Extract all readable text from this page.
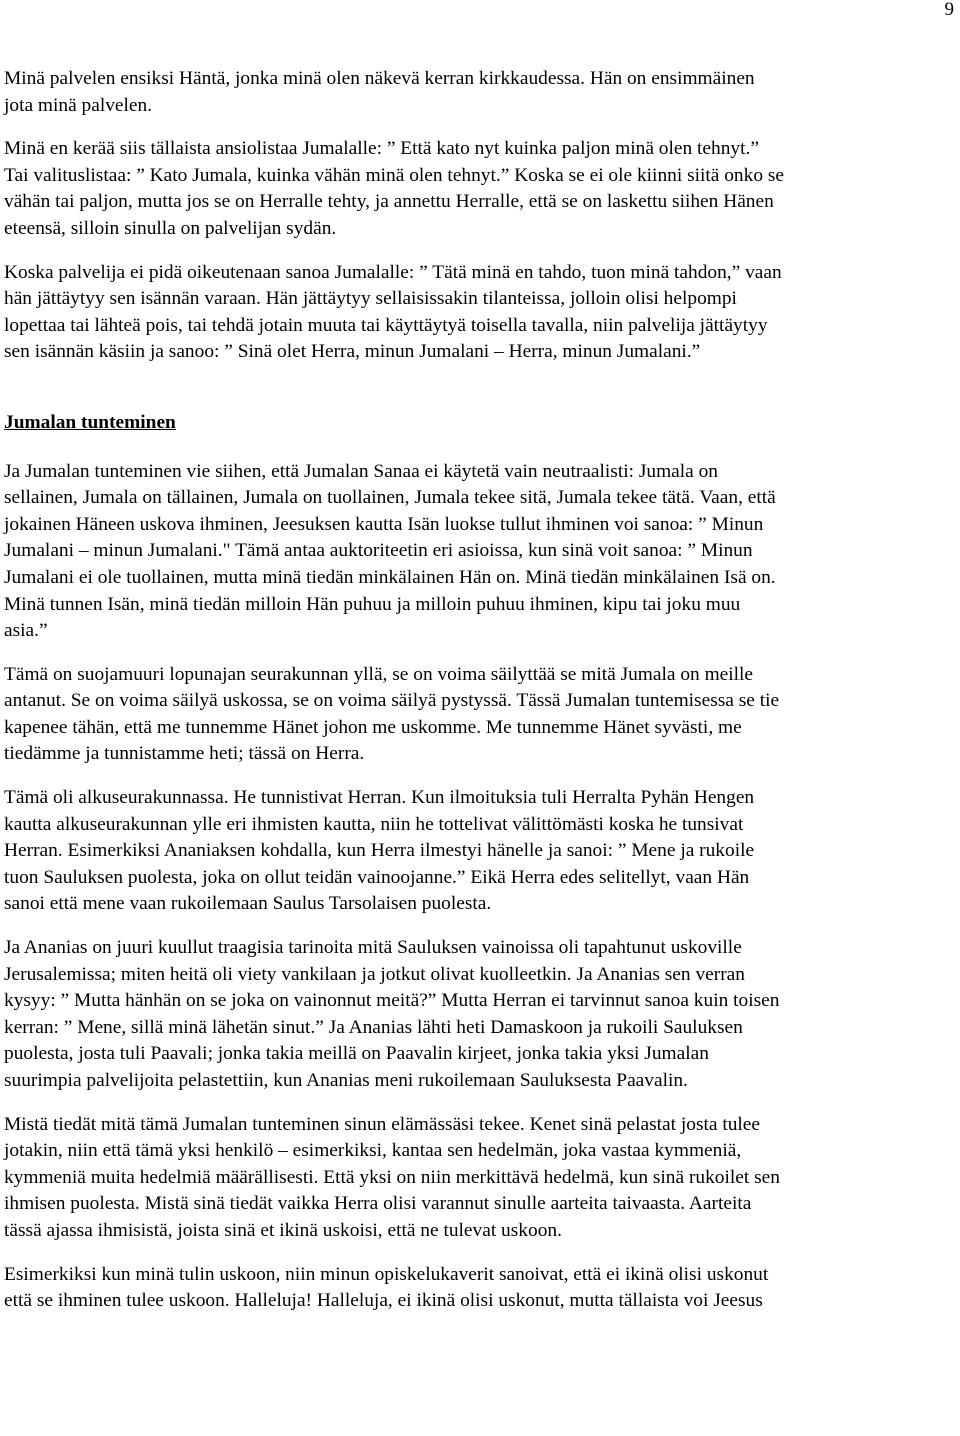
9

Minä palvelen ensiksi Häntä, jonka minä olen näkevä kerran kirkkaudessa. Hän on ensimmäinen
jota minä palvelen.

Minä en kerää siis tällaista ansiolistaa Jumalalle: ” Että kato nyt kuinka paljon minä olen tehnyt.”
Tai valituslistaa: ” Kato Jumala, kuinka vähän minä olen tehnyt.” Koska se ei ole kiinni siitä onko se
vähän tai paljon, mutta jos se on Herralle tehty, ja annettu Herralle, että se on laskettu siihen Hänen
eteensä, silloin sinulla on palvelijan sydän.

Koska palvelija ei pidä oikeutenaan sanoa Jumalalle: ” Tätä minä en tahdo, tuon minä tahdon,” vaan
hän jättäytyy sen isännän varaan. Hän jättäytyy sellaisissakin tilanteissa, jolloin olisi helpompi
lopettaa tai lähteä pois, tai tehdä jotain muuta tai käyttäytyä toisella tavalla, niin palvelija jättäytyy
sen isännän käsiin ja sanoo: ” Sinä olet Herra, minun Jumalani – Herra, minun Jumalani.”

Jumalan tunteminen

Ja Jumalan tunteminen vie siihen, että Jumalan Sanaa ei käytetä vain neutraalisti: Jumala on
sellainen, Jumala on tällainen, Jumala on tuollainen, Jumala tekee sitä, Jumala tekee tätä. Vaan, että
jokainen Häneen uskova ihminen, Jeesuksen kautta Isän luokse tullut ihminen voi sanoa: ” Minun
Jumalani – minun Jumalani." Tämä antaa auktoriteetin eri asioissa, kun sinä voit sanoa: ” Minun
Jumalani ei ole tuollainen, mutta minä tiedän minkälainen Hän on. Minä tiedän minkälainen Isä on.
Minä tunnen Isän, minä tiedän milloin Hän puhuu ja milloin puhuu ihminen, kipu tai joku muu
asia.”

Tämä on suojamuuri lopunajan seurakunnan yllä, se on voima säilyttää se mitä Jumala on meille
antanut. Se on voima säilyä uskossa, se on voima säilyä pystyssä. Tässä Jumalan tuntemisessa se tie
kapenee tähän, että me tunnemme Hänet johon me uskomme. Me tunnemme Hänet syvästi, me
tiedämme ja tunnistamme heti; tässä on Herra.

Tämä oli alkuseurakunnassa. He tunnistivat Herran. Kun ilmoituksia tuli Herralta Pyhän Hengen
kautta alkuseurakunnan ylle eri ihmisten kautta, niin he tottelivat välittömästi koska he tunsivat
Herran. Esimerkiksi Ananiaksen kohdalla, kun Herra ilmestyi hänelle ja sanoi: ” Mene ja rukoile
tuon Sauluksen puolesta, joka on ollut teidän vainoojanne.” Eikä Herra edes selitellyt, vaan Hän
sanoi että mene vaan rukoilemaan Saulus Tarsolaisen puolesta.

Ja Ananias on juuri kuullut traagisia tarinoita mitä Sauluksen vainoissa oli tapahtunut uskoville
Jerusalemissa; miten heitä oli viety vankilaan ja jotkut olivat kuolleetkin. Ja Ananias sen verran
kysyy: ” Mutta hänhän on se joka on vainonnut meitä?” Mutta Herran ei tarvinnut sanoa kuin toisen
kerran: ” Mene, sillä minä lähetän sinut.” Ja Ananias lähti heti Damaskoon ja rukoili Sauluksen
puolesta, josta tuli Paavali; jonka takia meillä on Paavalin kirjeet, jonka takia yksi Jumalan
suurimpia palvelijoita pelastettiin, kun Ananias meni rukoilemaan Sauluksesta Paavalin.

Mistä tiedät mitä tämä Jumalan tunteminen sinun elämässäsi tekee. Kenet sinä pelastat josta tulee
jotakin, niin että tämä yksi henkilö – esimerkiksi, kantaa sen hedelmän, joka vastaa kymmeniä,
kymmeniä muita hedelmiä määrällisesti. Että yksi on niin merkittävä hedelmä, kun sinä rukoilet sen
ihmisen puolesta. Mistä sinä tiedät vaikka Herra olisi varannut sinulle aarteita taivaasta. Aarteita
tässä ajassa ihmisistä, joista sinä et ikinä uskoisi, että ne tulevat uskoon.

Esimerkiksi kun minä tulin uskoon, niin minun opiskelukaverit sanoivat, että ei ikinä olisi uskonut
että se ihminen tulee uskoon. Halleluja! Halleluja, ei ikinä olisi uskonut, mutta tällaista voi Jeesus
